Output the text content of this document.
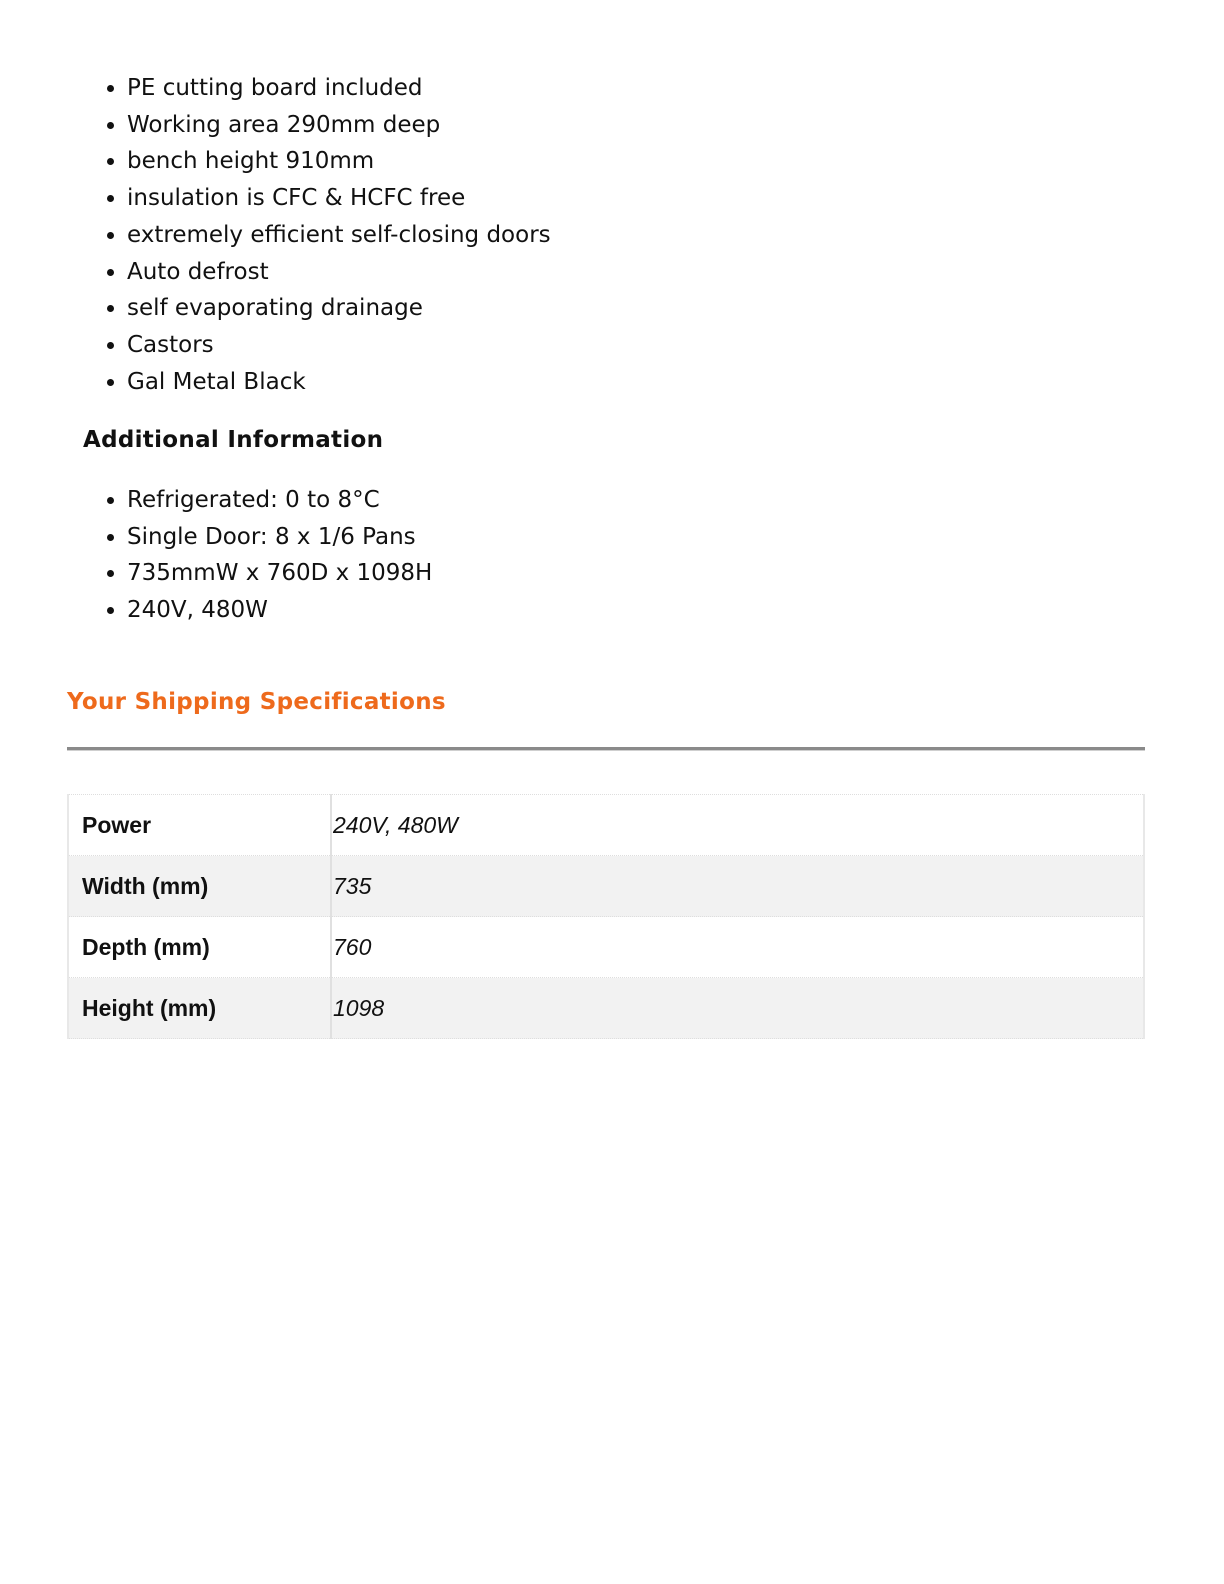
• PE cutting board included
• Working area 290mm deep
• bench height 910mm
• insulation is CFC & HCFC free
• extremely efficient self-closing doors
• Auto defrost
• self evaporating drainage
• Castors
• Gal Metal Black
Additional Information
• Refrigerated: 0 to 8°C
• Single Door: 8 x 1/6 Pans
• 735mmW x 760D x 1098H
• 240V, 480W
Your Shipping Specifications
Power	240V, 480W
Width (mm)	735
Depth (mm)	760
Height (mm)	1098
